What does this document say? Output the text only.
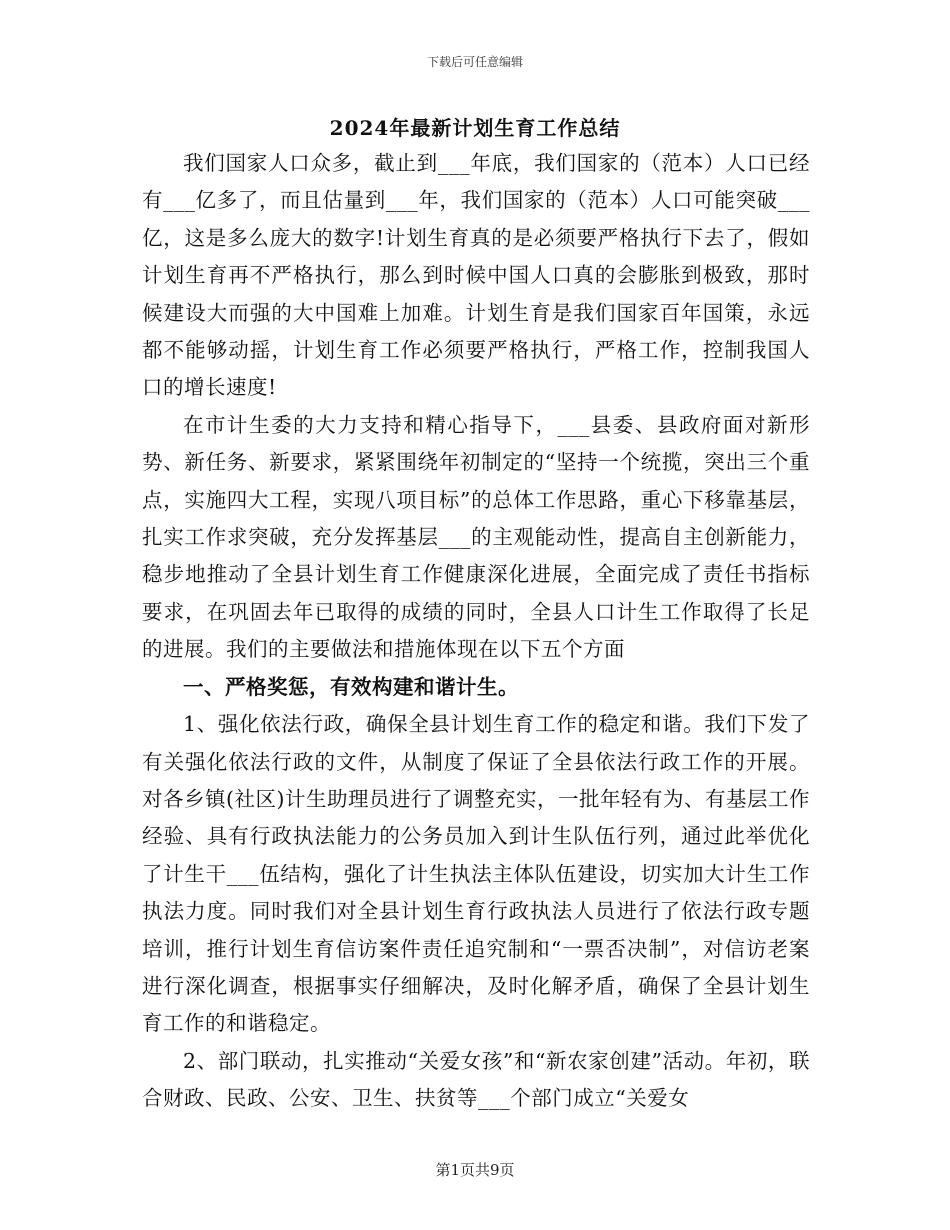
下载后可任意编辑
2024年最新计划生育工作总结

我们国家人口众多，截止到___年底，我们国家的（范本）人口已经有___亿多了，而且估量到___年，我们国家的（范本）人口可能突破___亿，这是多么庞大的数字!计划生育真的是必须要严格执行下去了，假如计划生育再不严格执行，那么到时候中国人口真的会膨胀到极致，那时候建设大而强的大中国难上加难。计划生育是我们国家百年国策，永远都不能够动摇，计划生育工作必须要严格执行，严格工作，控制我国人口的增长速度!

在市计生委的大力支持和精心指导下，___县委、县政府面对新形势、新任务、新要求，紧紧围绕年初制定的“坚持一个统揽，突出三个重点，实施四大工程，实现八项目标”的总体工作思路，重心下移靠基层，扎实工作求突破，充分发挥基层___的主观能动性，提高自主创新能力，稳步地推动了全县计划生育工作健康深化进展，全面完成了责任书指标要求，在巩固去年已取得的成绩的同时，全县人口计生工作取得了长足的进展。我们的主要做法和措施体现在以下五个方面

一、严格奖惩，有效构建和谐计生。

1、强化依法行政，确保全县计划生育工作的稳定和谐。我们下发了有关强化依法行政的文件，从制度了保证了全县依法行政工作的开展。对各乡镇(社区)计生助理员进行了调整充实，一批年轻有为、有基层工作经验、具有行政执法能力的公务员加入到计生队伍行列，通过此举优化了计生干___伍结构，强化了计生执法主体队伍建设，切实加大计生工作执法力度。同时我们对全县计划生育行政执法人员进行了依法行政专题培训，推行计划生育信访案件责任追究制和“一票否决制”，对信访老案进行深化调查，根据事实仔细解决，及时化解矛盾，确保了全县计划生育工作的和谐稳定。

2、部门联动，扎实推动“关爱女孩”和“新农家创建”活动。年初，联合财政、民政、公安、卫生、扶贫等___个部门成立“关爱女

第1页共9页
